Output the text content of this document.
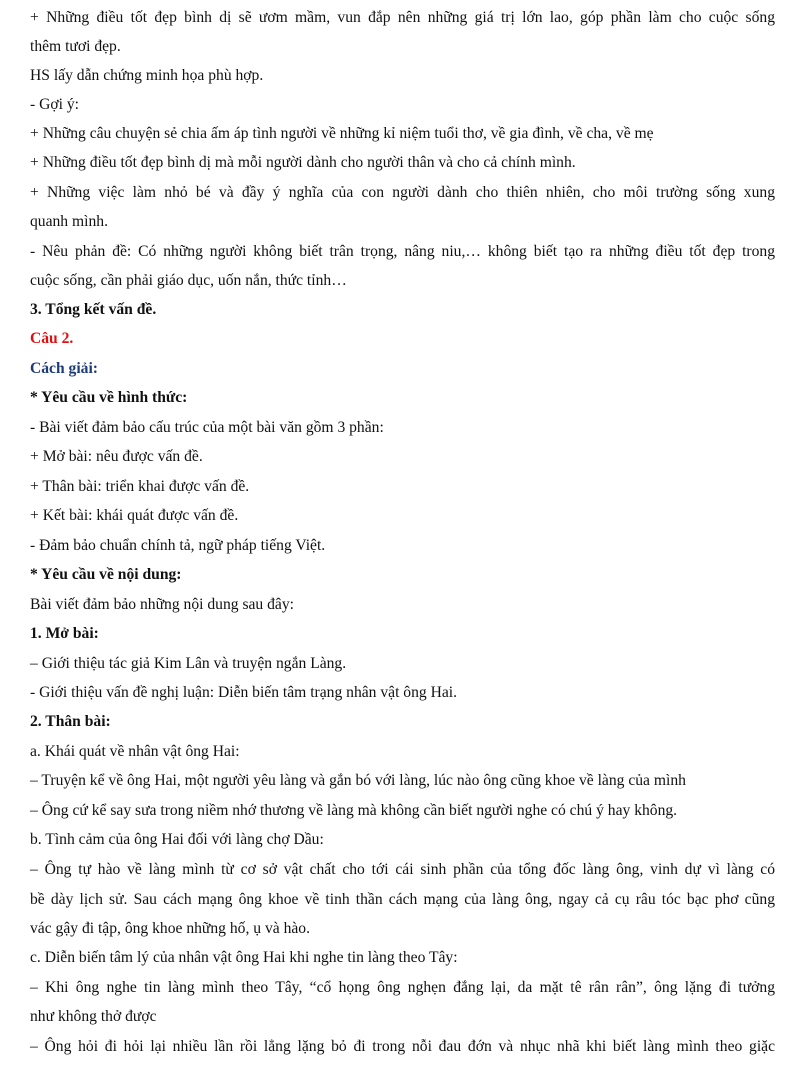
+ Những điều tốt đẹp bình dị sẽ ươm mầm, vun đắp nên những giá trị lớn lao, góp phần làm cho cuộc sống
thêm tươi đẹp.
HS lấy dẫn chứng minh họa phù hợp.
- Gợi ý:
+ Những câu chuyện sẻ chia ấm áp tình người về những kỉ niệm tuổi thơ, về gia đình, về cha, về mẹ
+ Những điều tốt đẹp bình dị mà mỗi người dành cho người thân và cho cả chính mình.
+ Những việc làm nhỏ bé và đầy ý nghĩa của con người dành cho thiên nhiên, cho môi trường sống xung
quanh mình.
- Nêu phản đề: Có những người không biết trân trọng, nâng niu,… không biết tạo ra những điều tốt đẹp trong
cuộc sống, cần phải giáo dục, uốn nắn, thức tỉnh…
3. Tổng kết vấn đề.
Câu 2.
Cách giải:
* Yêu cầu về hình thức:
- Bài viết đảm bảo cấu trúc của một bài văn gồm 3 phần:
+ Mở bài: nêu được vấn đề.
+ Thân bài: triển khai được vấn đề.
+ Kết bài: khái quát được vấn đề.
- Đảm bảo chuẩn chính tả, ngữ pháp tiếng Việt.
* Yêu cầu về nội dung:
Bài viết đảm bảo những nội dung sau đây:
1. Mở bài:
– Giới thiệu tác giả Kim Lân và truyện ngắn Làng.
- Giới thiệu vấn đề nghị luận: Diễn biến tâm trạng nhân vật ông Hai.
2. Thân bài:
a. Khái quát về nhân vật ông Hai:
– Truyện kể về ông Hai, một người yêu làng và gắn bó với làng, lúc nào ông cũng khoe về làng của mình
– Ông cứ kể say sưa trong niềm nhớ thương về làng mà không cần biết người nghe có chú ý hay không.
b. Tình cảm của ông Hai đối với làng chợ Dầu:
– Ông tự hào về làng mình từ cơ sở vật chất cho tới cái sinh phần của tổng đốc làng ông, vinh dự vì làng có
bề dày lịch sử. Sau cách mạng ông khoe về tinh thần cách mạng của làng ông, ngay cả cụ râu tóc bạc phơ cũng
vác gậy đi tập, ông khoe những hố, ụ và hào.
c. Diễn biến tâm lý của nhân vật ông Hai khi nghe tin làng theo Tây:
– Khi ông nghe tin làng mình theo Tây, “cổ họng ông nghẹn đắng lại, da mặt tê rân rân”, ông lặng đi tưởng
như không thở được
– Ông hỏi đi hỏi lại nhiều lần rồi lẳng lặng bỏ đi trong nỗi đau đớn và nhục nhã khi biết làng mình theo giặc
